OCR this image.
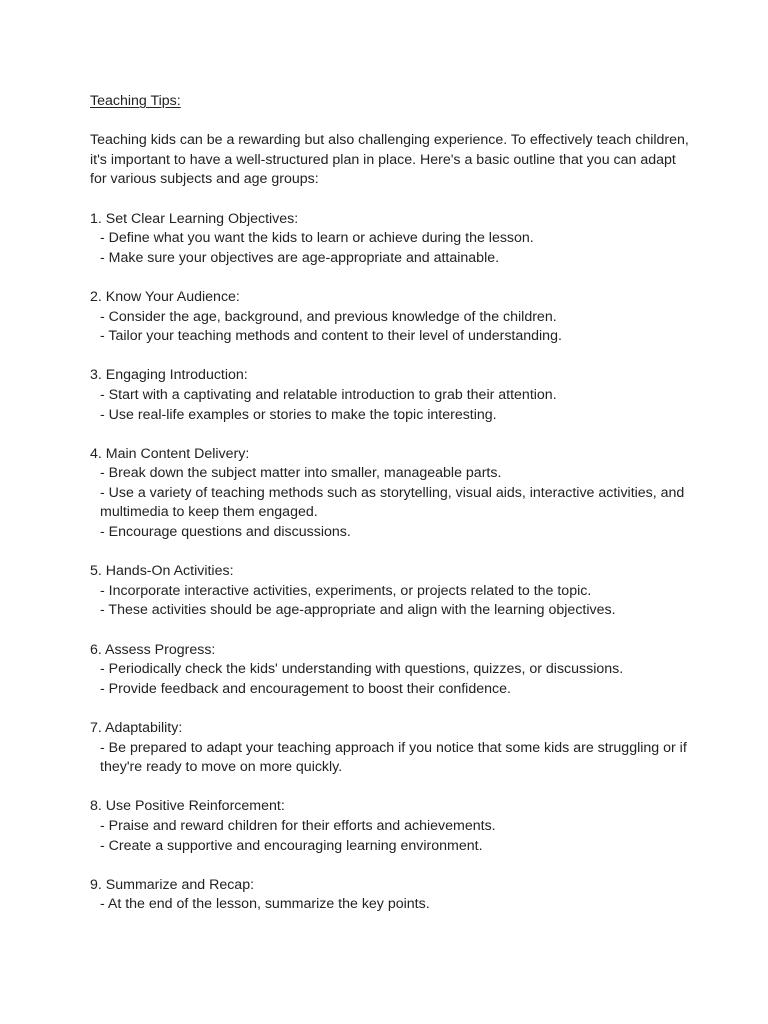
Teaching Tips:

Teaching kids can be a rewarding but also challenging experience. To effectively teach children, it's important to have a well-structured plan in place. Here's a basic outline that you can adapt for various subjects and age groups:

1. Set Clear Learning Objectives:

- Define what you want the kids to learn or achieve during the lesson.

- Make sure your objectives are age-appropriate and attainable.

2. Know Your Audience:

- Consider the age, background, and previous knowledge of the children.

- Tailor your teaching methods and content to their level of understanding.

3. Engaging Introduction:

- Start with a captivating and relatable introduction to grab their attention.

- Use real-life examples or stories to make the topic interesting.

4. Main Content Delivery:

- Break down the subject matter into smaller, manageable parts.

- Use a variety of teaching methods such as storytelling, visual aids, interactive activities, and multimedia to keep them engaged.

- Encourage questions and discussions.

5. Hands-On Activities:

- Incorporate interactive activities, experiments, or projects related to the topic.

- These activities should be age-appropriate and align with the learning objectives.

6. Assess Progress:

- Periodically check the kids' understanding with questions, quizzes, or discussions.

- Provide feedback and encouragement to boost their confidence.

7. Adaptability:

- Be prepared to adapt your teaching approach if you notice that some kids are struggling or if they're ready to move on more quickly.

8. Use Positive Reinforcement:

- Praise and reward children for their efforts and achievements.

- Create a supportive and encouraging learning environment.

9. Summarize and Recap:

- At the end of the lesson, summarize the key points.
